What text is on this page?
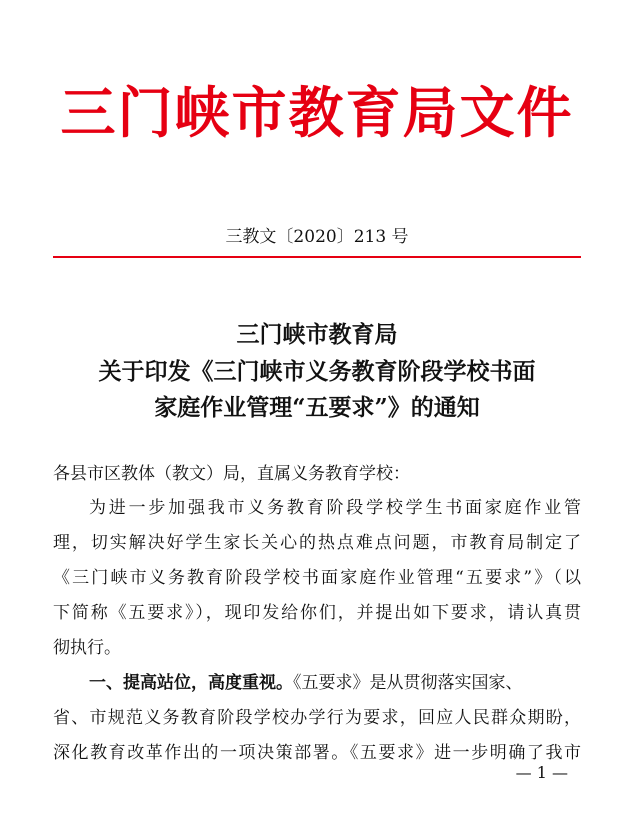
三门峡市教育局文件
三教文〔2020〕213 号
三门峡市教育局
关于印发《三门峡市义务教育阶段学校书面
家庭作业管理“五要求”》的通知
各县市区教体（教文）局，直属义务教育学校：
为进一步加强我市义务教育阶段学校学生书面家庭作业管
理，切实解决好学生家长关心的热点难点问题，市教育局制定了
《三门峡市义务教育阶段学校书面家庭作业管理“五要求”》（以
下简称《五要求》），现印发给你们，并提出如下要求，请认真贯
彻执行。
一、提高站位，高度重视。《五要求》是从贯彻落实国家、
省、市规范义务教育阶段学校办学行为要求，回应人民群众期盼，
深化教育改革作出的一项决策部署。《五要求》进一步明确了我市
— 1 —
